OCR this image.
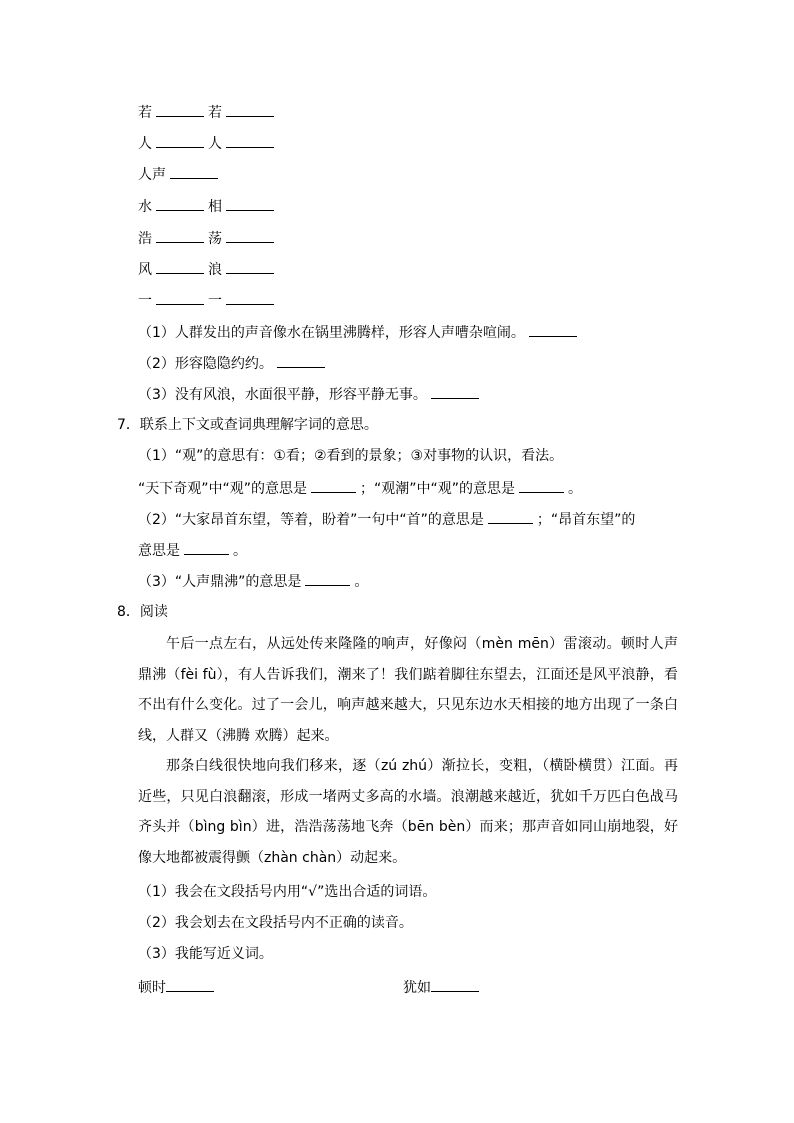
若	若
人	人
人声
水	相
浩	荡
风	浪
一	一
（1）人群发出的声音像水在锅里沸腾样，形容人声嘈杂喧闹。
（2）形容隐隐约约。
（3）没有风浪，水面很平静，形容平静无事。
7．联系上下文或查词典理解字词的意思。
（1）“观”的意思有：①看；②看到的景象；③对事物的认识，看法。
“天下奇观”中“观”的意思是	；“观潮”中“观”的意思是	。
（2）“大家昂首东望，等着，盼着”一句中“首”的意思是	；“昂首东望”的
意思是	。
（3）“人声鼎沸”的意思是	。
8．阅读

午后一点左右，从远处传来隆隆的响声，好像闷（mèn mēn）雷滚动。顿时人声鼎沸（fèi fù），有人告诉我们，潮来了！我们踮着脚往东望去，江面还是风平浪静，看不出有什么变化。过了一会儿，响声越来越大，只见东边水天相接的地方出现了一条白线，人群又（沸腾 欢腾）起来。

那条白线很快地向我们移来，逐（zú zhú）渐拉长，变粗，（横卧横贯）江面。再近些，只见白浪翻滚，形成一堵两丈多高的水墙。浪潮越来越近，犹如千万匹白色战马齐头并（bìng bìn）进，浩浩荡荡地飞奔（bēn bèn）而来；那声音如同山崩地裂，好像大地都被震得颤（zhàn chàn）动起来。

（1）我会在文段括号内用“√”选出合适的词语。
（2）我会划去在文段括号内不正确的读音。
（3）我能写近义词。
顿时	犹如
